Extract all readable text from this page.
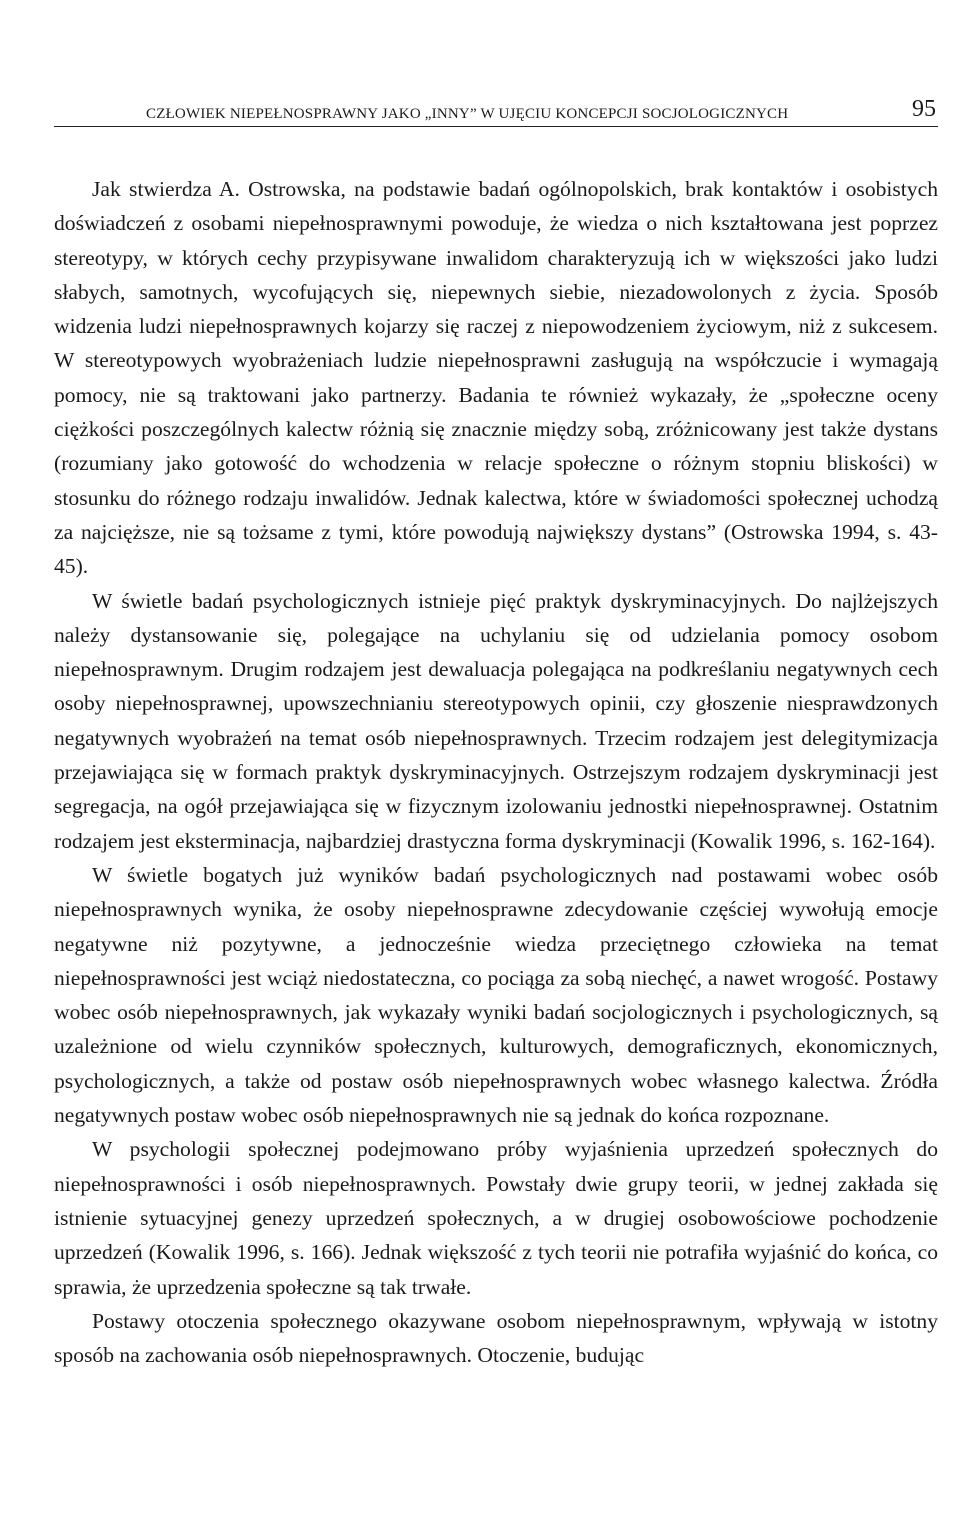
CZŁOWIEK NIEPEŁNOSPRAWNY JAKO „INNY” W UJĘCIU KONCEPCJI SOCJOLOGICZNYCH	95

Jak stwierdza A. Ostrowska, na podstawie badań ogólnopolskich, brak kontaktów i osobistych doświadczeń z osobami niepełnosprawnymi powoduje, że wiedza o nich kształtowana jest poprzez stereotypy, w których cechy przypisywane inwalidom charakteryzują ich w większości jako ludzi słabych, samotnych, wycofujących się, niepewnych siebie, niezadowolonych z życia. Sposób widzenia ludzi niepełnosprawnych kojarzy się raczej z niepowodzeniem życiowym, niż z sukcesem. W stereotypowych wyobrażeniach ludzie niepełnosprawni zasługują na współczucie i wymagają pomocy, nie są traktowani jako partnerzy. Badania te również wykazały, że „społeczne oceny ciężkości poszczególnych kalectw różnią się znacznie między sobą, zróżnicowany jest także dystans (rozumiany jako gotowość do wchodzenia w relacje społeczne o różnym stopniu bliskości) w stosunku do różnego rodzaju inwalidów. Jednak kalectwa, które w świadomości społecznej uchodzą za najcięższe, nie są tożsame z tymi, które powodują największy dystans” (Ostrowska 1994, s. 43-45).

W świetle badań psychologicznych istnieje pięć praktyk dyskryminacyjnych. Do najlżejszych należy dystansowanie się, polegające na uchylaniu się od udzielania pomocy osobom niepełnosprawnym. Drugim rodzajem jest dewaluacja polegająca na podkreślaniu negatywnych cech osoby niepełnosprawnej, upowszechnianiu stereotypowych opinii, czy głoszenie niesprawdzonych negatywnych wyobrażeń na temat osób niepełnosprawnych. Trzecim rodzajem jest delegitymizacja przejawiająca się w formach praktyk dyskryminacyjnych. Ostrzejszym rodzajem dyskryminacji jest segregacja, na ogół przejawiająca się w fizycznym izolowaniu jednostki niepełnosprawnej. Ostatnim rodzajem jest eksterminacja, najbardziej drastyczna forma dyskryminacji (Kowalik 1996, s. 162-164).

W świetle bogatych już wyników badań psychologicznych nad postawami wobec osób niepełnosprawnych wynika, że osoby niepełnosprawne zdecydowanie częściej wywołują emocje negatywne niż pozytywne, a jednocześnie wiedza przeciętnego człowieka na temat niepełnosprawności jest wciąż niedostateczna, co pociąga za sobą niechęć, a nawet wrogość. Postawy wobec osób niepełnosprawnych, jak wykazały wyniki badań socjologicznych i psychologicznych, są uzależnione od wielu czynników społecznych, kulturowych, demograficznych, ekonomicznych, psychologicznych, a także od postaw osób niepełnosprawnych wobec własnego kalectwa. Źródła negatywnych postaw wobec osób niepełnosprawnych nie są jednak do końca rozpoznane.

W psychologii społecznej podejmowano próby wyjaśnienia uprzedzeń społecznych do niepełnosprawności i osób niepełnosprawnych. Powstały dwie grupy teorii, w jednej zakłada się istnienie sytuacyjnej genezy uprzedzeń społecznych, a w drugiej osobowościowe pochodzenie uprzedzeń (Kowalik 1996, s. 166). Jednak większość z tych teorii nie potrafiła wyjaśnić do końca, co sprawia, że uprzedzenia społeczne są tak trwałe.

Postawy otoczenia społecznego okazywane osobom niepełnosprawnym, wpływają w istotny sposób na zachowania osób niepełnosprawnych. Otoczenie, budując
